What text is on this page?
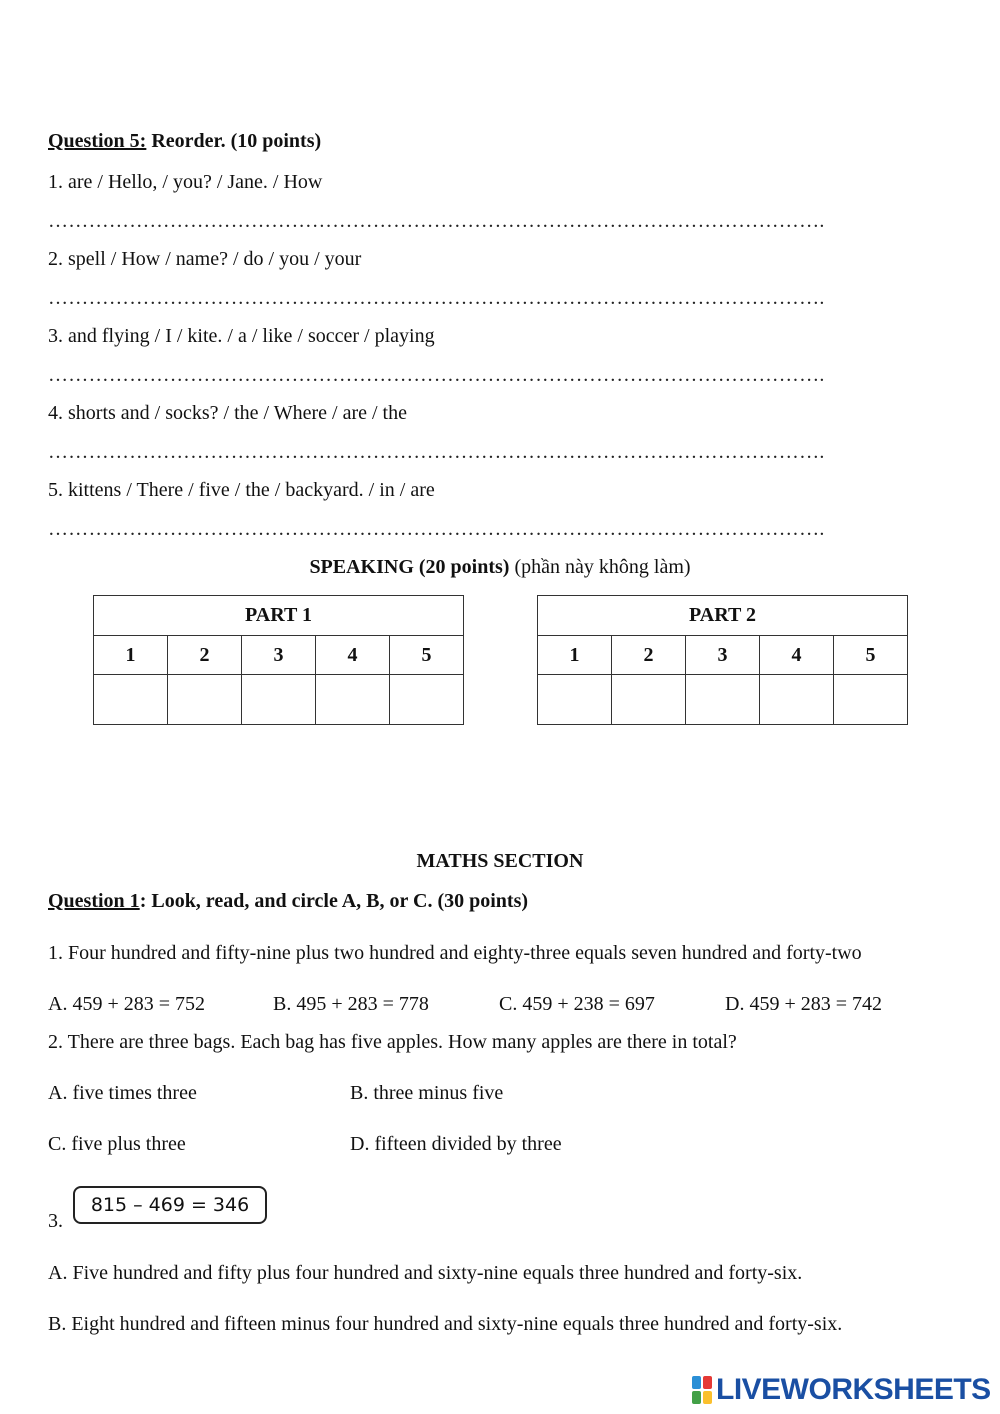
Question 5: Reorder. (10 points)
1. are / Hello, / you? / Jane. / How
…………………………………………………………………………………………………….
2. spell / How / name? / do / you / your
…………………………………………………………………………………………………….
3. and flying / I / kite. / a / like / soccer / playing
…………………………………………………………………………………………………….
4. shorts and / socks? / the / Where / are / the
…………………………………………………………………………………………………….
5. kittens / There / five / the / backyard. / in / are
…………………………………………………………………………………………………….
SPEAKING (20 points) (phần này không làm)
PART 1				
1	2	3	4	5

PART 2				
1	2	3	4	5

MATHS SECTION
Question 1: Look, read, and circle A, B, or C. (30 points)
1. Four hundred and fifty-nine plus two hundred and eighty-three equals seven hundred and forty-two
A. 459 + 283 = 752	B. 495 + 283 = 778	C. 459 + 238 = 697	D. 459 + 283 = 742
2. There are three bags. Each bag has five apples. How many apples are there in total?
A. five times three	B. three minus five
C. five plus three	D. fifteen divided by three
3.
815 – 469 = 346
A. Five hundred and fifty plus four hundred and sixty-nine equals three hundred and forty-six.
B. Eight hundred and fifteen minus four hundred and sixty-nine equals three hundred and forty-six.
LIVEWORKSHEETS
